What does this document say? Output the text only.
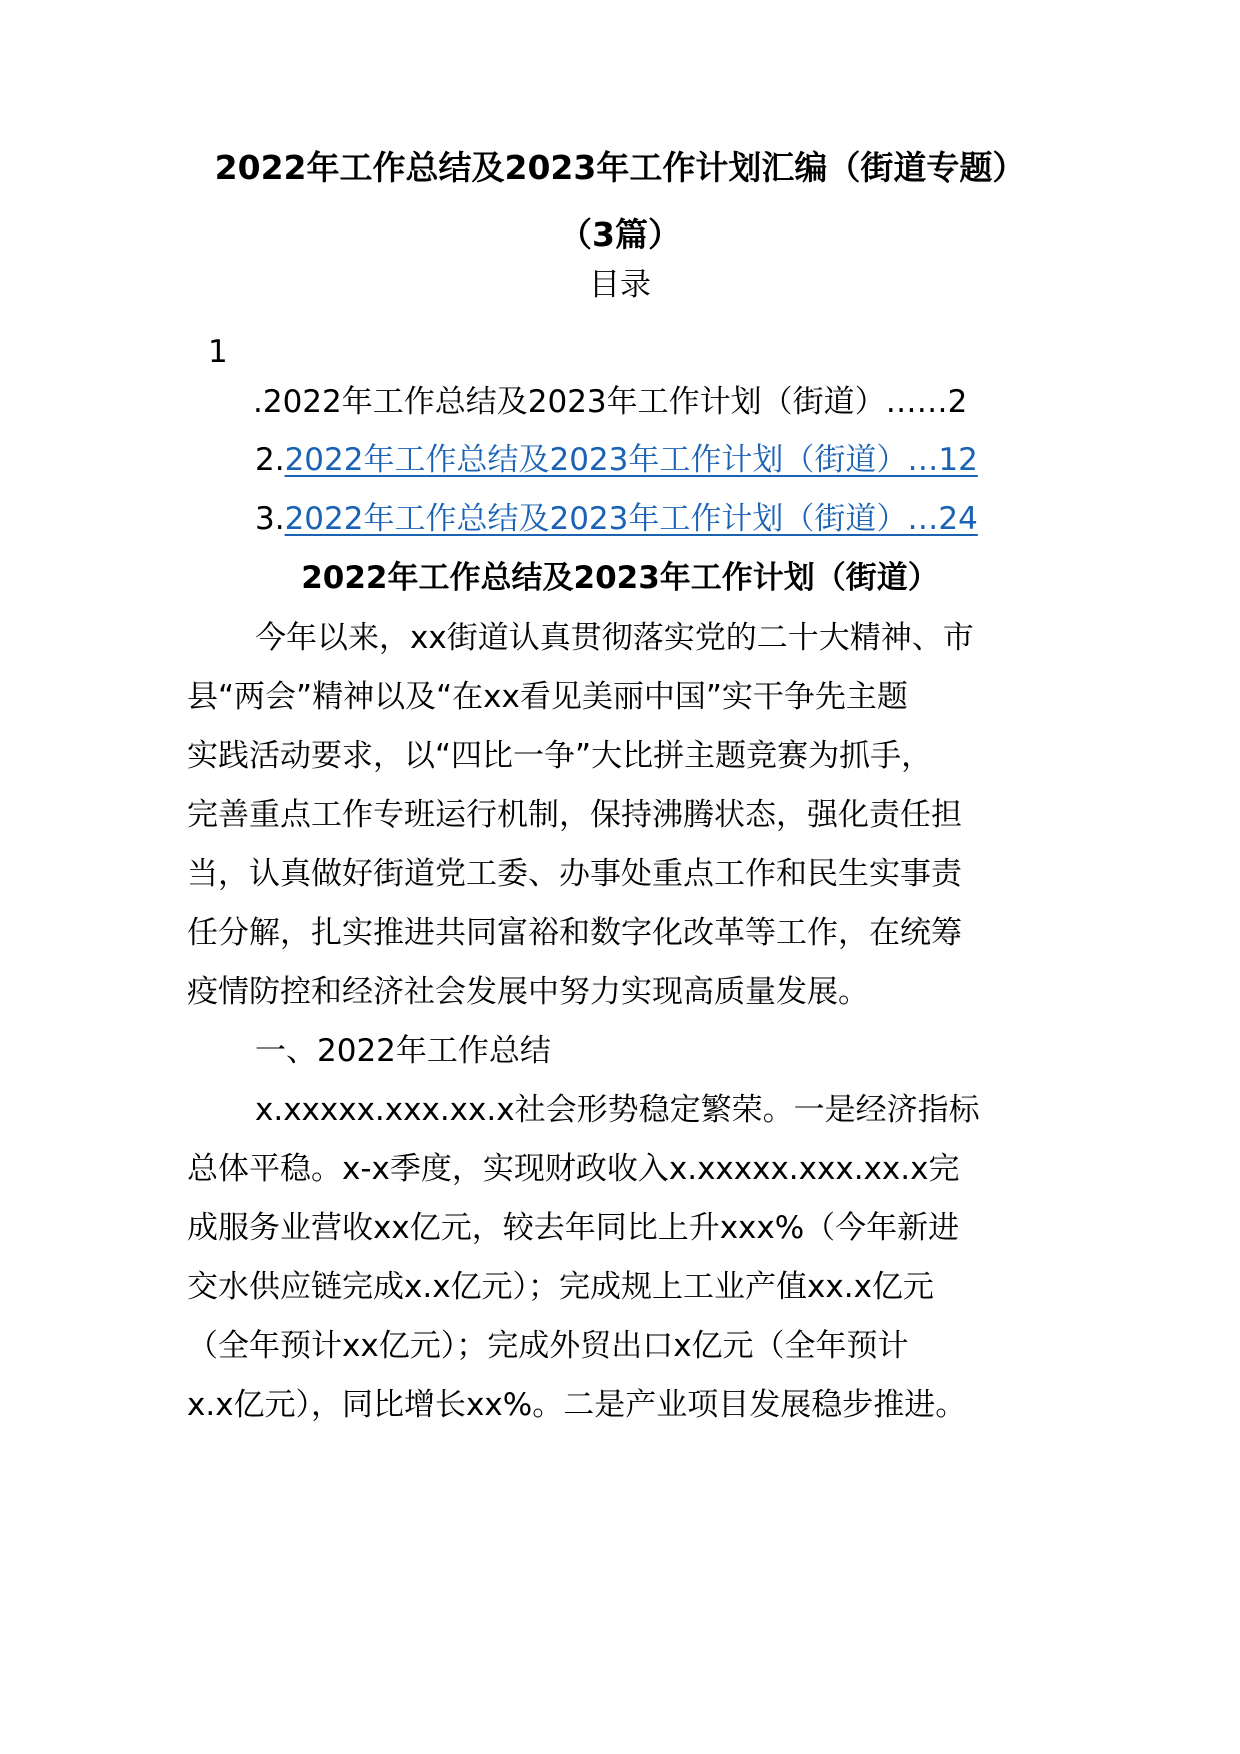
2022年工作总结及2023年工作计划汇编（街道专题）
（3篇）
目录
1
.2022年工作总结及2023年工作计划（街道）……2
2.2022年工作总结及2023年工作计划（街道）…12
3.2022年工作总结及2023年工作计划（街道）…24
2022年工作总结及2023年工作计划（街道）
今年以来，xx街道认真贯彻落实党的二十大精神、市
县“两会”精神以及“在xx看见美丽中国”实干争先主题
实践活动要求，以“四比一争”大比拼主题竞赛为抓手，
完善重点工作专班运行机制，保持沸腾状态，强化责任担
当，认真做好街道党工委、办事处重点工作和民生实事责
任分解，扎实推进共同富裕和数字化改革等工作，在统筹
疫情防控和经济社会发展中努力实现高质量发展。
一、2022年工作总结
x.xxxxx.xxx.xx.x社会形势稳定繁荣。一是经济指标
总体平稳。x-x季度，实现财政收入x.xxxxx.xxx.xx.x完
成服务业营收xx亿元，较去年同比上升xxx%（今年新进
交水供应链完成x.x亿元）；完成规上工业产值xx.x亿元
（全年预计xx亿元）；完成外贸出口x亿元（全年预计
x.x亿元），同比增长xx%。二是产业项目发展稳步推进。
